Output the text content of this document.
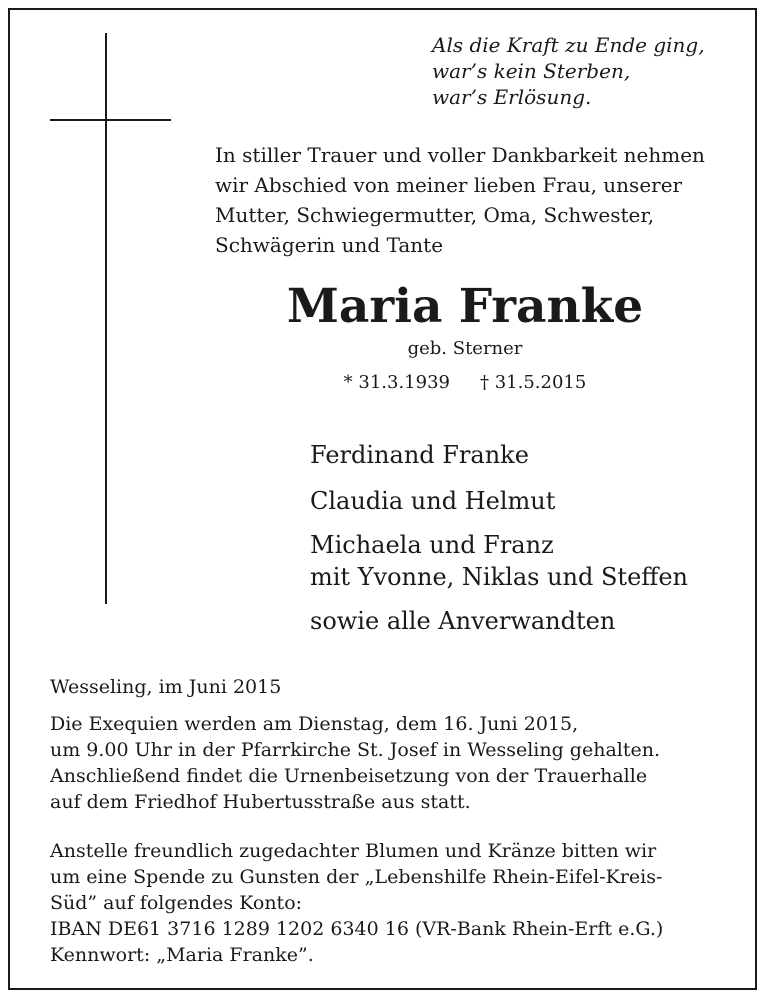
Als die Kraft zu Ende ging,
war’s kein Sterben,
war’s Erlösung.
In stiller Trauer und voller Dankbarkeit nehmen
wir Abschied von meiner lieben Frau, unserer
Mutter, Schwiegermutter, Oma, Schwester,
Schwägerin und Tante
Maria Franke
geb. Sterner
* 31.3.1939 † 31.5.2015
Ferdinand Franke
Claudia und Helmut
Michaela und Franz
mit Yvonne, Niklas und Steffen
sowie alle Anverwandten
Wesseling, im Juni 2015
Die Exequien werden am Dienstag, dem 16. Juni 2015,
um 9.00 Uhr in der Pfarrkirche St. Josef in Wesseling gehalten.
Anschließend findet die Urnenbeisetzung von der Trauerhalle
auf dem Friedhof Hubertusstraße aus statt.
Anstelle freundlich zugedachter Blumen und Kränze bitten wir
um eine Spende zu Gunsten der „Lebenshilfe Rhein-Eifel-Kreis-
Süd” auf folgendes Konto:
IBAN DE61 3716 1289 1202 6340 16 (VR-Bank Rhein-Erft e.G.)
Kennwort: „Maria Franke”.
